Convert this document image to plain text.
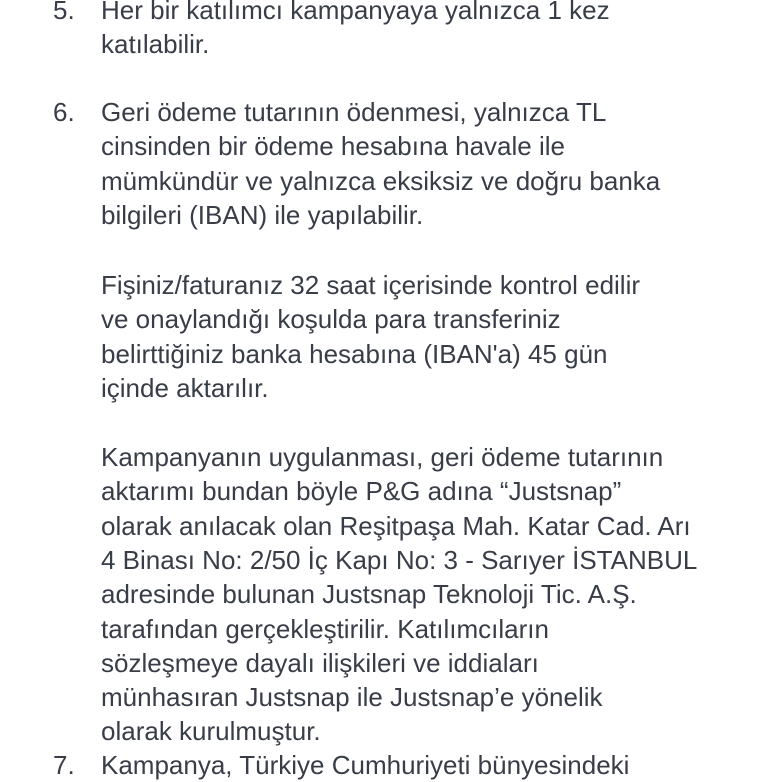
5. Her bir katılımcı kampanyaya yalnızca 1 kez
katılabilir.
6. Geri ödeme tutarının ödenmesi, yalnızca TL
cinsinden bir ödeme hesabına havale ile
mümkündür ve yalnızca eksiksiz ve doğru banka
bilgileri (IBAN) ile yapılabilir.
Fişiniz/faturanız 32 saat içerisinde kontrol edilir
ve onaylandığı koşulda para transferiniz
belirttiğiniz banka hesabına (IBAN'a) 45 gün
içinde aktarılır.
Kampanyanın uygulanması, geri ödeme tutarının
aktarımı bundan böyle P&G adına “Justsnap”
olarak anılacak olan Reşitpaşa Mah. Katar Cad. Arı
4 Binası No: 2/50 İç Kapı No: 3 - Sarıyer İSTANBUL
adresinde bulunan Justsnap Teknoloji Tic. A.Ş.
tarafından gerçekleştirilir. Katılımcıların
sözleşmeye dayalı ilişkileri ve iddiaları
münhasıran Justsnap ile Justsnap’e yönelik
olarak kurulmuştur.
7. Kampanya, Türkiye Cumhuriyeti bünyesindeki
